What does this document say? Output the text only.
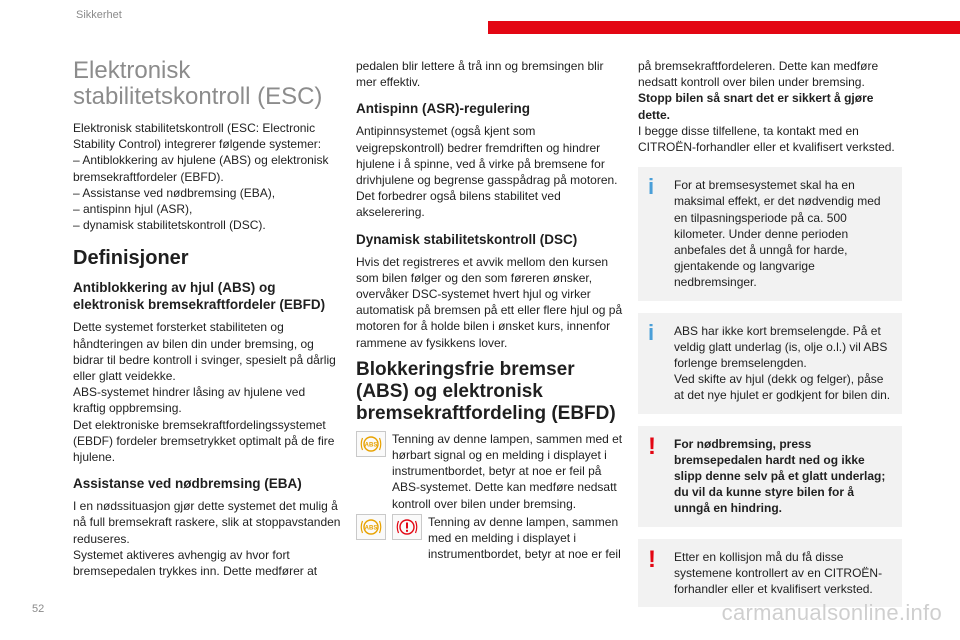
Sikkerhet
Elektronisk stabilitetskontroll (ESC)

Elektronisk stabilitetskontroll (ESC: Electronic Stability Control) integrerer følgende systemer:

– Antiblokkering av hjulene (ABS) og elektronisk bremsekraftfordeler (EBFD).

– Assistanse ved nødbremsing (EBA),

– antispinn hjul (ASR),

– dynamisk stabilitetskontroll (DSC).

Definisjoner
Antiblokkering av hjul (ABS) og elektronisk bremsekraftfordeler (EBFD)

Dette systemet forsterket stabiliteten og håndteringen av bilen din under bremsing, og bidrar til bedre kontroll i svinger, spesielt på dårlig eller glatt veidekke.
ABS-systemet hindrer låsing av hjulene ved kraftig oppbremsing.
Det elektroniske bremsekraftfordelingssystemet (EBDF) fordeler bremsetrykket optimalt på de fire hjulene.

Assistanse ved nødbremsing (EBA)

I en nødssituasjon gjør dette systemet det mulig å nå full bremsekraft raskere, slik at stoppavstanden reduseres.
Systemet aktiveres avhengig av hvor fort bremsepedalen trykkes inn. Dette medfører at

pedalen blir lettere å trå inn og bremsingen blir mer effektiv.

Antispinn (ASR)-regulering

Antipinnsystemet (også kjent som veigrepskontroll) bedrer fremdriften og hindrer hjulene i å spinne, ved å virke på bremsene for drivhjulene og begrense gasspådrag på motoren. Det forbedrer også bilens stabilitet ved akselerering.

Dynamisk stabilitetskontroll (DSC)

Hvis det registreres et avvik mellom den kursen som bilen følger og den som føreren ønsker, overvåker DSC-systemet hvert hjul og virker automatisk på bremsen på ett eller flere hjul og på motoren for å holde bilen i ønsket kurs, innenfor rammene av fysikkens lover.

Blokkeringsfrie bremser (ABS) og elektronisk bremsekraftfordeling (EBFD)
ABS Tenning av denne lampen, sammen med et hørbart signal og en melding i displayet i instrumentbordet, betyr at noe er feil på ABS-systemet. Dette kan medføre nedsatt kontroll over bilen under bremsing.

ABS	Tenning av denne lampen, sammen med en melding i displayet i instrumentbordet, betyr at noe er feil

på bremsekraftfordeleren. Dette kan medføre nedsatt kontroll over bilen under bremsing.

Stopp bilen så snart det er sikkert å gjøre dette.

I begge disse tilfellene, ta kontakt med en CITROËN-forhandler eller et kvalifisert verksted.

i	For at bremsesystemet skal ha en maksimal effekt, er det nødvendig med en tilpasningsperiode på ca. 500 kilometer. Under denne perioden anbefales det å unngå for harde, gjentakende og langvarige nedbremsinger.

i	ABS har ikke kort bremselengde. På et veldig glatt underlag (is, olje o.l.) vil ABS forlenge bremselengden.
Ved skifte av hjul (dekk og felger), påse at det nye hjulet er godkjent for bilen din.

!	For nødbremsing, press bremsepedalen hardt ned og ikke slipp denne selv på et glatt underlag; du vil da kunne styre bilen for å unngå en hindring.

!	Etter en kollisjon må du få disse systemene kontrollert av en CITROËN-forhandler eller et kvalifisert verksted.

52	carmanualsonline.info
